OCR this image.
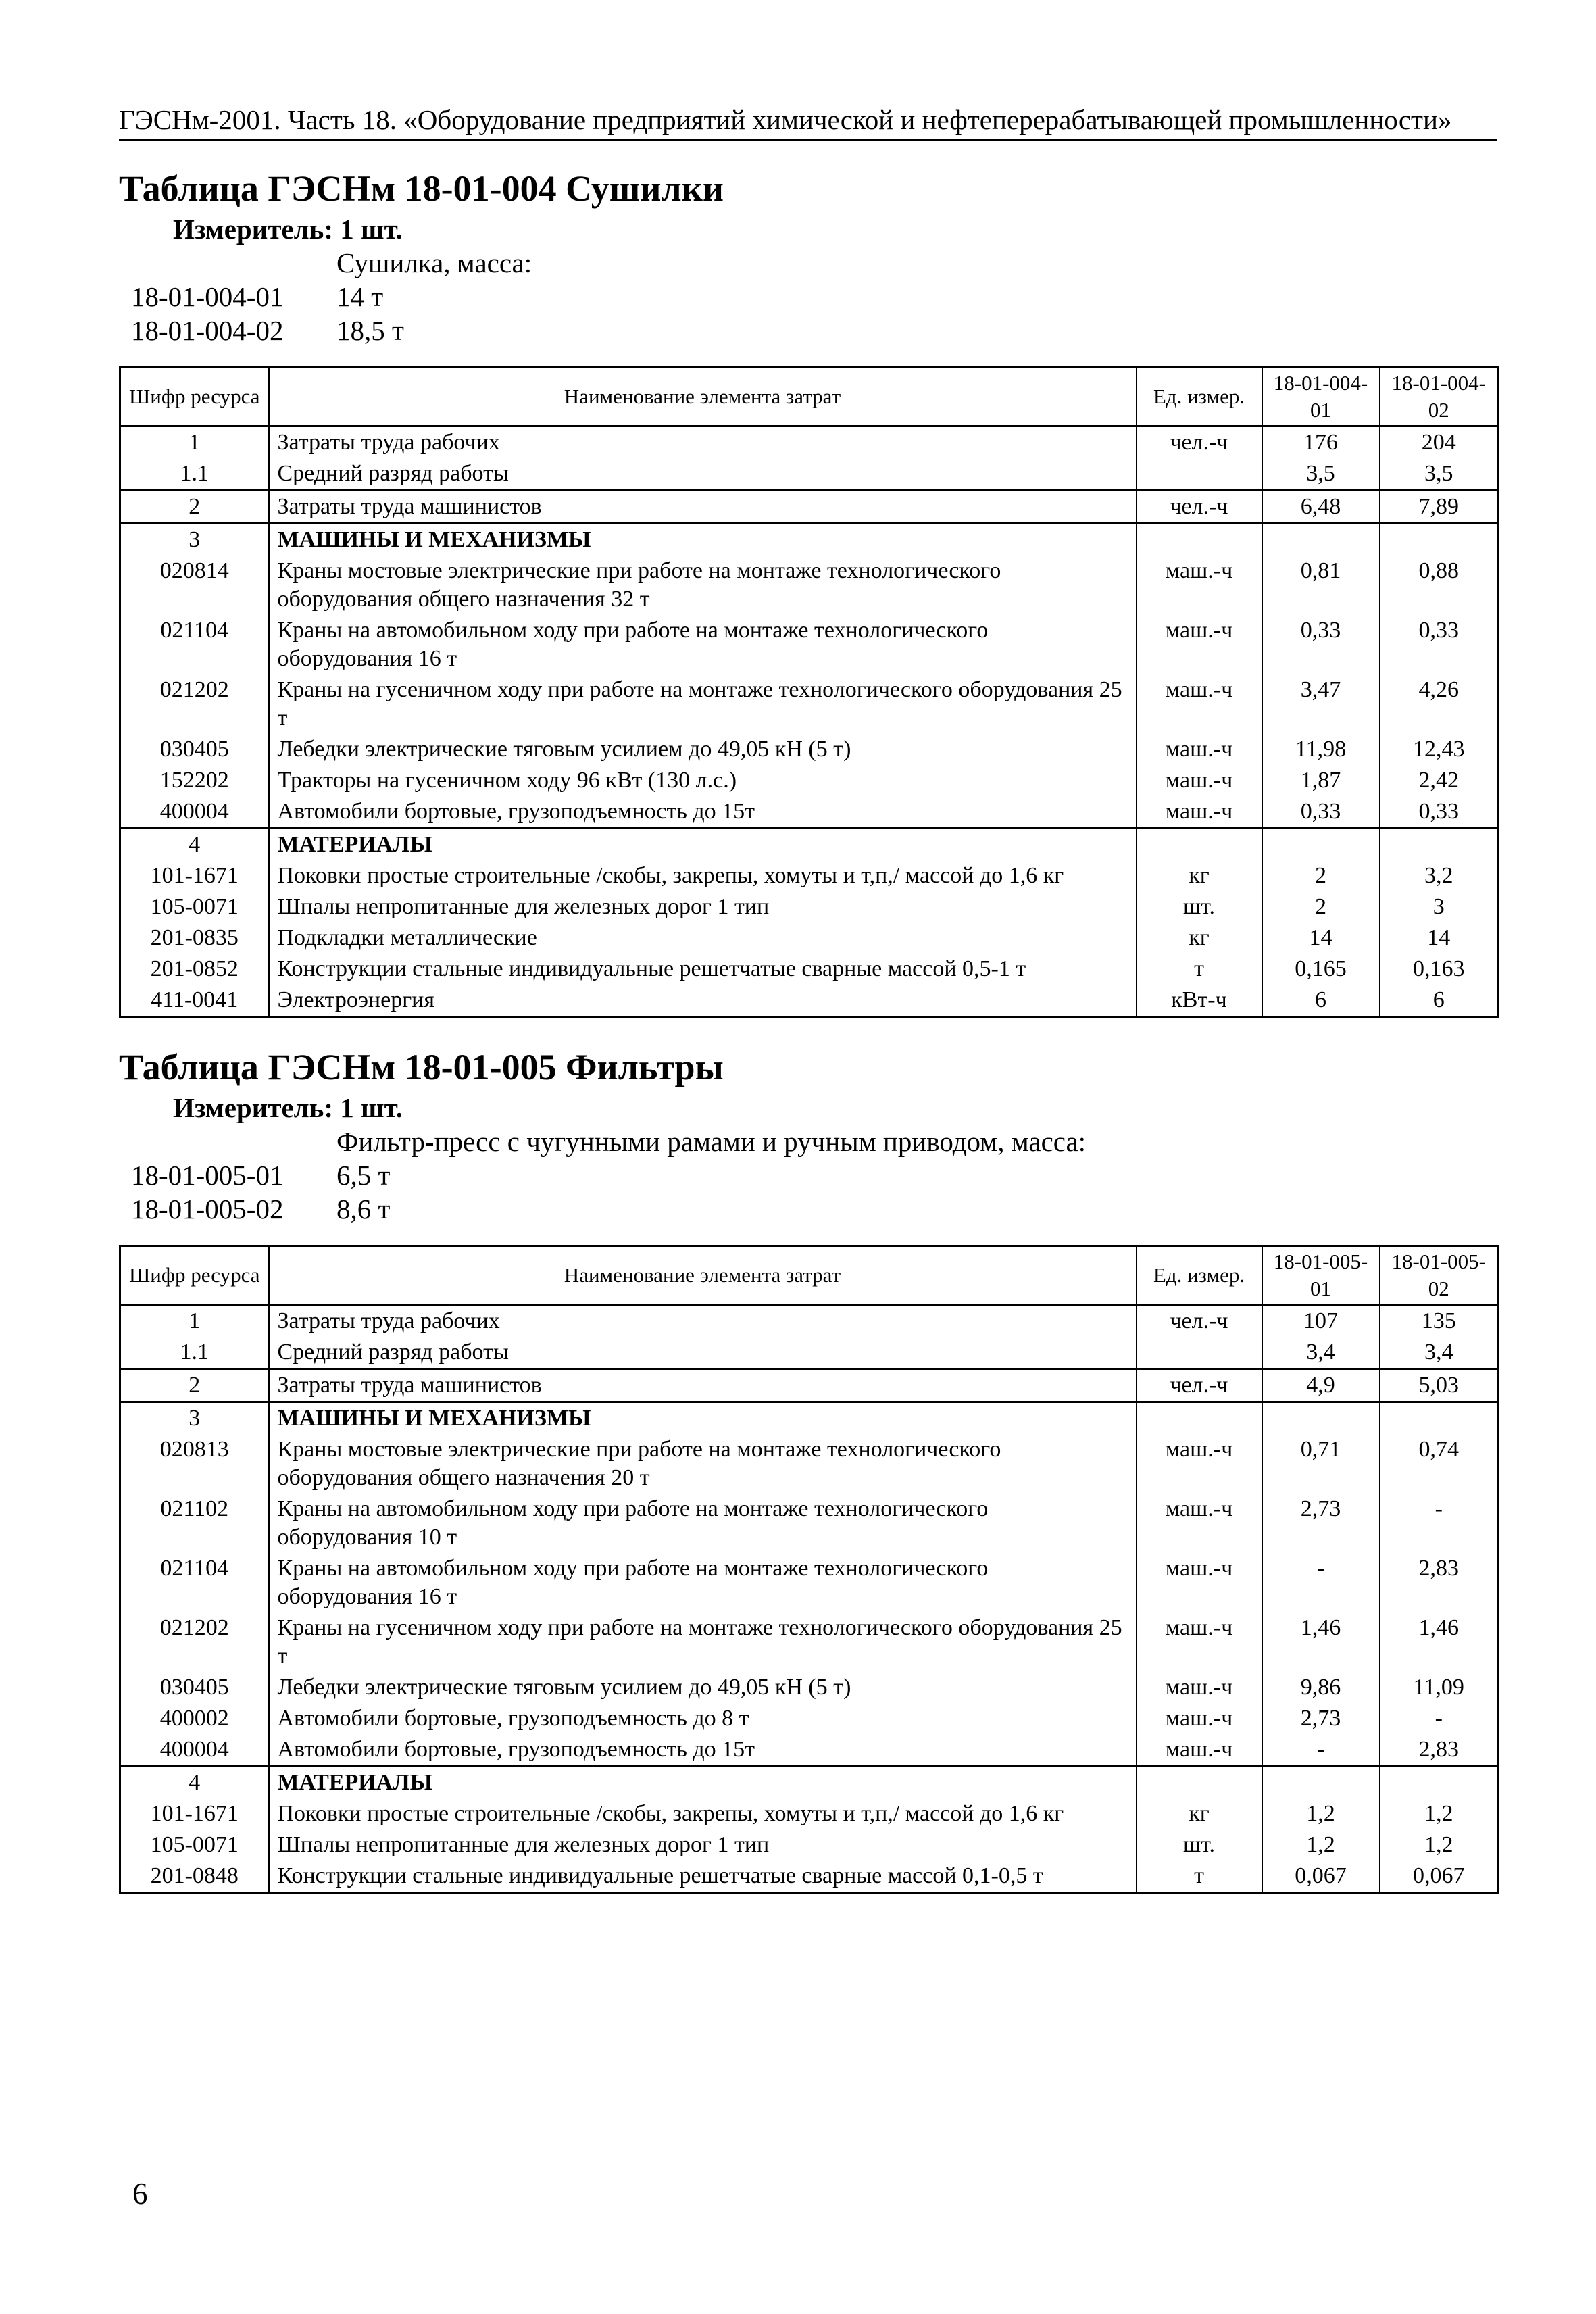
ГЭСНм-2001. Часть 18. «Оборудование предприятий химической и нефтеперерабатывающей промышленности»
Таблица ГЭСНм 18-01-004 Сушилки
Измеритель: 1 шт.
Сушилка, масса:
18-01-004-01 14 т
18-01-004-02 18,5 т
Шифр ресурса	Наименование элемента затрат	Ед. измер.	18-01-004-01	18-01-004-02
1	Затраты труда рабочих	чел.-ч	176	204
1.1	Средний разряд работы		3,5	3,5
2	Затраты труда машинистов	чел.-ч	6,48	7,89
3	МАШИНЫ И МЕХАНИЗМЫ			
020814	Краны мостовые электрические при работе на монтаже технологического оборудования общего назначения 32 т	маш.-ч	0,81	0,88
021104	Краны на автомобильном ходу при работе на монтаже технологического оборудования 16 т	маш.-ч	0,33	0,33
021202	Краны на гусеничном ходу при работе на монтаже технологического оборудования 25 т	маш.-ч	3,47	4,26
030405	Лебедки электрические тяговым усилием до 49,05 кН (5 т)	маш.-ч	11,98	12,43
152202	Тракторы на гусеничном ходу 96 кВт (130 л.с.)	маш.-ч	1,87	2,42
400004	Автомобили бортовые, грузоподъемность до 15т	маш.-ч	0,33	0,33
4	МАТЕРИАЛЫ			
101-1671	Поковки простые строительные /скобы, закрепы, хомуты и т,п,/ массой до 1,6 кг	кг	2	3,2
105-0071	Шпалы непропитанные для железных дорог 1 тип	шт.	2	3
201-0835	Подкладки металлические	кг	14	14
201-0852	Конструкции стальные индивидуальные решетчатые сварные массой 0,5-1 т	т	0,165	0,163
411-0041	Электроэнергия	кВт-ч	6	6
Таблица ГЭСНм 18-01-005 Фильтры
Измеритель: 1 шт.
Фильтр-пресс с чугунными рамами и ручным приводом, масса:
18-01-005-01 6,5 т
18-01-005-02 8,6 т
Шифр ресурса	Наименование элемента затрат	Ед. измер.	18-01-005-01	18-01-005-02
1	Затраты труда рабочих	чел.-ч	107	135
1.1	Средний разряд работы		3,4	3,4
2	Затраты труда машинистов	чел.-ч	4,9	5,03
3	МАШИНЫ И МЕХАНИЗМЫ			
020813	Краны мостовые электрические при работе на монтаже технологического оборудования общего назначения 20 т	маш.-ч	0,71	0,74
021102	Краны на автомобильном ходу при работе на монтаже технологического оборудования 10 т	маш.-ч	2,73	-
021104	Краны на автомобильном ходу при работе на монтаже технологического оборудования 16 т	маш.-ч	-	2,83
021202	Краны на гусеничном ходу при работе на монтаже технологического оборудования 25 т	маш.-ч	1,46	1,46
030405	Лебедки электрические тяговым усилием до 49,05 кН (5 т)	маш.-ч	9,86	11,09
400002	Автомобили бортовые, грузоподъемность до 8 т	маш.-ч	2,73	-
400004	Автомобили бортовые, грузоподъемность до 15т	маш.-ч	-	2,83
4	МАТЕРИАЛЫ			
101-1671	Поковки простые строительные /скобы, закрепы, хомуты и т,п,/ массой до 1,6 кг	кг	1,2	1,2
105-0071	Шпалы непропитанные для железных дорог 1 тип	шт.	1,2	1,2
201-0848	Конструкции стальные индивидуальные решетчатые сварные массой 0,1-0,5 т	т	0,067	0,067
6
